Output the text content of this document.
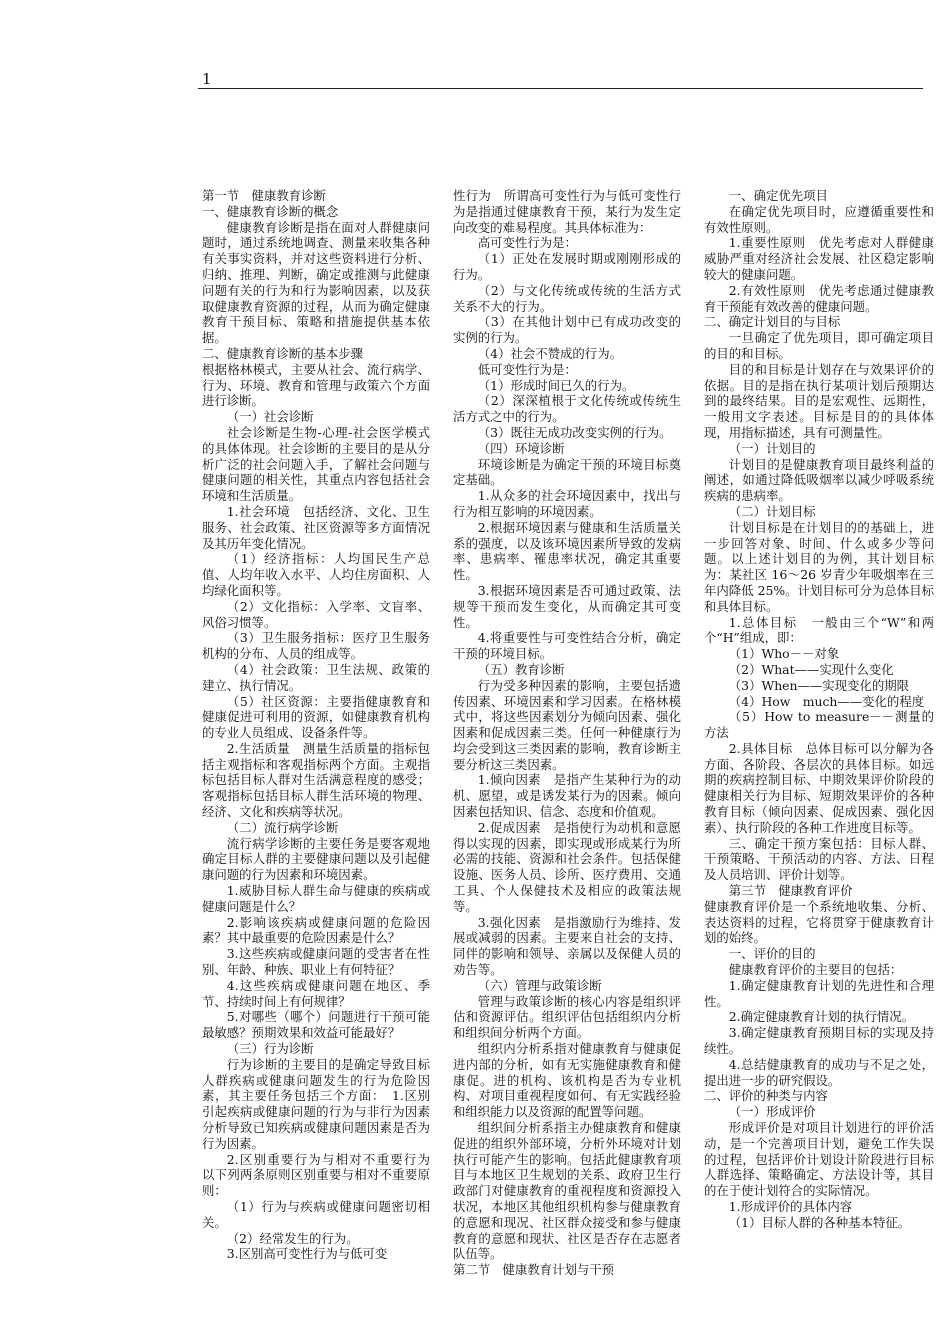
1

第一节　健康教育诊断

一、健康教育诊断的概念

健康教育诊断是指在面对人群健康问题时，通过系统地调查、测量来收集各种有关事实资料，并对这些资料进行分析、归纳、推理、判断，确定或推测与此健康问题有关的行为和行为影响因素，以及获取健康教育资源的过程，从而为确定健康教育干预目标、策略和措施提供基本依据。

二、健康教育诊断的基本步骤

根据格林模式，主要从社会、流行病学、行为、环境、教育和管理与政策六个方面进行诊断。

（一）社会诊断

社会诊断是生物-心理-社会医学模式的具体体现。社会诊断的主要目的是从分析广泛的社会问题入手，了解社会问题与健康问题的相关性，其重点内容包括社会环境和生活质量。

1.社会环境　包括经济、文化、卫生服务、社会政策、社区资源等多方面情况及其历年变化情况。

（1）经济指标：人均国民生产总值、人均年收入水平、人均住房面积、人均绿化面积等。

（2）文化指标：入学率、文盲率、风俗习惯等。

（3）卫生服务指标：医疗卫生服务机构的分布、人员的组成等。

（4）社会政策：卫生法规、政策的建立、执行情况。

（5）社区资源：主要指健康教育和健康促进可利用的资源，如健康教育机构的专业人员组成、设备条件等。

2.生活质量　测量生活质量的指标包括主观指标和客观指标两个方面。主观指标包括目标人群对生活满意程度的感受；客观指标包括目标人群生活环境的物理、经济、文化和疾病等状况。

（二）流行病学诊断

流行病学诊断的主要任务是要客观地确定目标人群的主要健康问题以及引起健康问题的行为因素和环境因素。

1.威胁目标人群生命与健康的疾病或健康问题是什么？

2.影响该疾病或健康问题的危险因素？其中最重要的危险因素是什么？

3.这些疾病或健康问题的受害者在性别、年龄、种族、职业上有何特征？

4.这些疾病或健康问题在地区、季节、持续时间上有何规律？

5.对哪些（哪个）问题进行干预可能最敏感？预期效果和效益可能最好？

（三）行为诊断

行为诊断的主要目的是确定导致目标人群疾病或健康问题发生的行为危险因素，其主要任务包括三个方面：　1.区别引起疾病或健康问题的行为与非行为因素　分析导致已知疾病或健康问题因素是否为行为因素。

2.区别重要行为与相对不重要行为　以下列两条原则区别重要与相对不重要原则：

（1）行为与疾病或健康问题密切相关。

（2）经常发生的行为。

3.区别高可变性行为与低可变

性行为　所谓高可变性行为与低可变性行为是指通过健康教育干预，某行为发生定向改变的难易程度。其具体标准为：

高可变性行为是：

（1）正处在发展时期或刚刚形成的行为。

（2）与文化传统或传统的生活方式关系不大的行为。

（3）在其他计划中已有成功改变的实例的行为。

（4）社会不赞成的行为。

低可变性行为是：

（1）形成时间已久的行为。

（2）深深植根于文化传统或传统生活方式之中的行为。

（3）既往无成功改变实例的行为。

（四）环境诊断

环境诊断是为确定干预的环境目标奠定基础。

1.从众多的社会环境因素中，找出与行为相互影响的环境因素。

2.根据环境因素与健康和生活质量关系的强度，以及该环境因素所导致的发病率、患病率、罹患率状况，确定其重要性。

3.根据环境因素是否可通过政策、法规等干预而发生变化，从而确定其可变性。

4.将重要性与可变性结合分析，确定干预的环境目标。

（五）教育诊断

行为受多种因素的影响，主要包括遗传因素、环境因素和学习因素。在格林模式中，将这些因素划分为倾向因素、强化因素和促成因素三类。任何一种健康行为均会受到这三类因素的影响，教育诊断主要分析这三类因素。

1.倾向因素　是指产生某种行为的动机、愿望，或是诱发某行为的因素。倾向因素包括知识、信念、态度和价值观。

2.促成因素　是指使行为动机和意愿得以实现的因素，即实现或形成某行为所必需的技能、资源和社会条件。包括保健设施、医务人员、诊所、医疗费用、交通工具、个人保健技术及相应的政策法规等。

3.强化因素　是指激励行为维持、发展或减弱的因素。主要来自社会的支持、同伴的影响和领导、亲属以及保健人员的劝告等。

（六）管理与政策诊断

管理与政策诊断的核心内容是组织评估和资源评估。组织评估包括组织内分析和组织间分析两个方面。

组织内分析系指对健康教育与健康促进内部的分析，如有无实施健康教育和健康促。进的机构、该机构是否为专业机构、对项目重视程度如何、有无实践经验和组织能力以及资源的配置等问题。

组织间分析系指主办健康教育和健康促进的组织外部环境，分析外环境对计划执行可能产生的影响。包括此健康教育项目与本地区卫生规划的关系、政府卫生行政部门对健康教育的重视程度和资源投入状况，本地区其他组织机构参与健康教育的意愿和现况、社区群众接受和参与健康教育的意愿和现状、社区是否存在志愿者队伍等。

第二节　健康教育计划与干预

一、确定优先项目

在确定优先项目时，应遵循重要性和有效性原则。

1.重要性原则　优先考虑对人群健康威胁严重对经济社会发展、社区稳定影响较大的健康问题。

2.有效性原则　优先考虑通过健康教育干预能有效改善的健康问题。

二、确定计划目的与目标

一旦确定了优先项目，即可确定项目的目的和目标。

目的和目标是计划存在与效果评价的依据。目的是指在执行某项计划后预期达到的最终结果。目的是宏观性、远期性，一般用文字表述。目标是目的的具体体现，用指标描述，具有可测量性。

（一）计划目的

计划目的是健康教育项目最终利益的阐述，如通过降低吸烟率以减少呼吸系统疾病的患病率。

（二）计划目标

计划目标是在计划目的的基础上，进一步回答对象、时间、什么或多少等问题。以上述计划目的为例，其计划目标为：某社区 16～26 岁青少年吸烟率在三年内降低 25%。计划目标可分为总体目标和具体目标。

1.总体目标　一般由三个“W”和两个“H”组成，即：

（1）Who－－对象

（2）What——实现什么变化

（3）When——实现变化的期限

（4）How　much——变化的程度

（5）How to measure－－测量的方法

2.具体目标　总体目标可以分解为各方面、各阶段、各层次的具体目标。如远期的疾病控制目标、中期效果评价阶段的健康相关行为目标、短期效果评价的各种教育目标（倾向因素、促成因素、强化因素）、执行阶段的各种工作进度目标等。

三、确定干预方案包括：目标人群、干预策略、干预活动的内容、方法、日程及人员培训、评价计划等。

第三节　健康教育评价

健康教育评价是一个系统地收集、分析、表达资料的过程，它将贯穿于健康教育计划的始终。

一、评价的目的

健康教育评价的主要目的包括：

1.确定健康教育计划的先进性和合理性。

2.确定健康教育计划的执行情况。

3.确定健康教育预期目标的实现及持续性。

4.总结健康教育的成功与不足之处，提出进一步的研究假设。

二、评价的种类与内容

（一）形成评价

形成评价是对项目计划进行的评价活动，是一个完善项目计划，避免工作失误的过程，包括评价计划设计阶段进行目标人群选择、策略确定、方法设计等，其目的在于使计划符合的实际情况。

1.形成评价的具体内容

（1）目标人群的各种基本特征。
